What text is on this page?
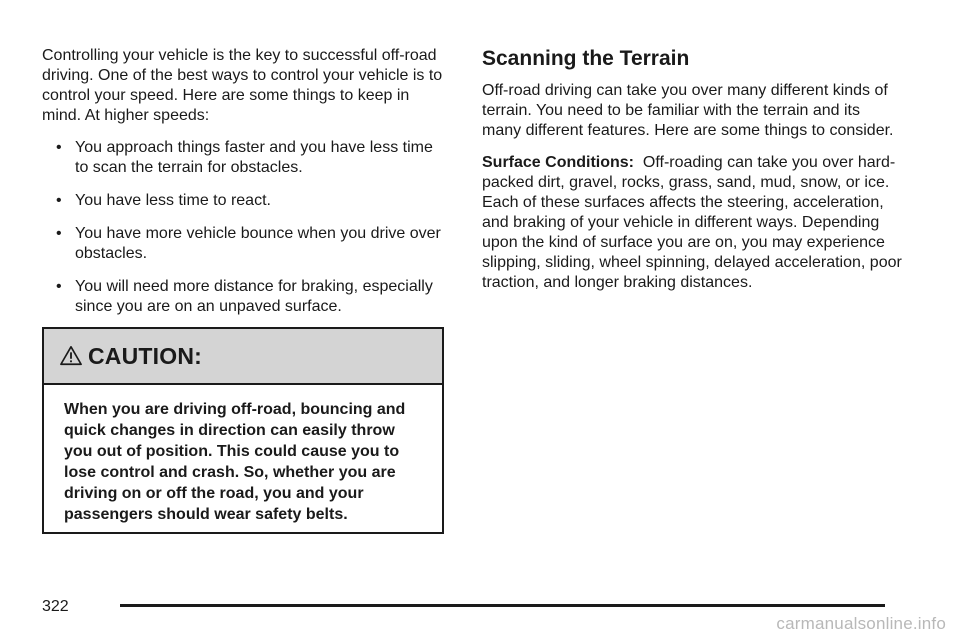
Controlling your vehicle is the key to successful off-road driving. One of the best ways to control your vehicle is to control your speed. Here are some things to keep in mind. At higher speeds:

• You approach things faster and you have less time to scan the terrain for obstacles.
• You have less time to react.
• You have more vehicle bounce when you drive over obstacles.
• You will need more distance for braking, especially since you are on an unpaved surface.
CAUTION:
When you are driving off-road, bouncing and quick changes in direction can easily throw you out of position. This could cause you to lose control and crash. So, whether you are driving on or off the road, you and your passengers should wear safety belts.
Scanning the Terrain

Off-road driving can take you over many different kinds of terrain. You need to be familiar with the terrain and its many different features. Here are some things to consider.

Surface Conditions: Off-roading can take you over hard-packed dirt, gravel, rocks, grass, sand, mud, snow, or ice. Each of these surfaces affects the steering, acceleration, and braking of your vehicle in different ways. Depending upon the kind of surface you are on, you may experience slipping, sliding, wheel spinning, delayed acceleration, poor traction, and longer braking distances.

322
carmanualsonline.info
